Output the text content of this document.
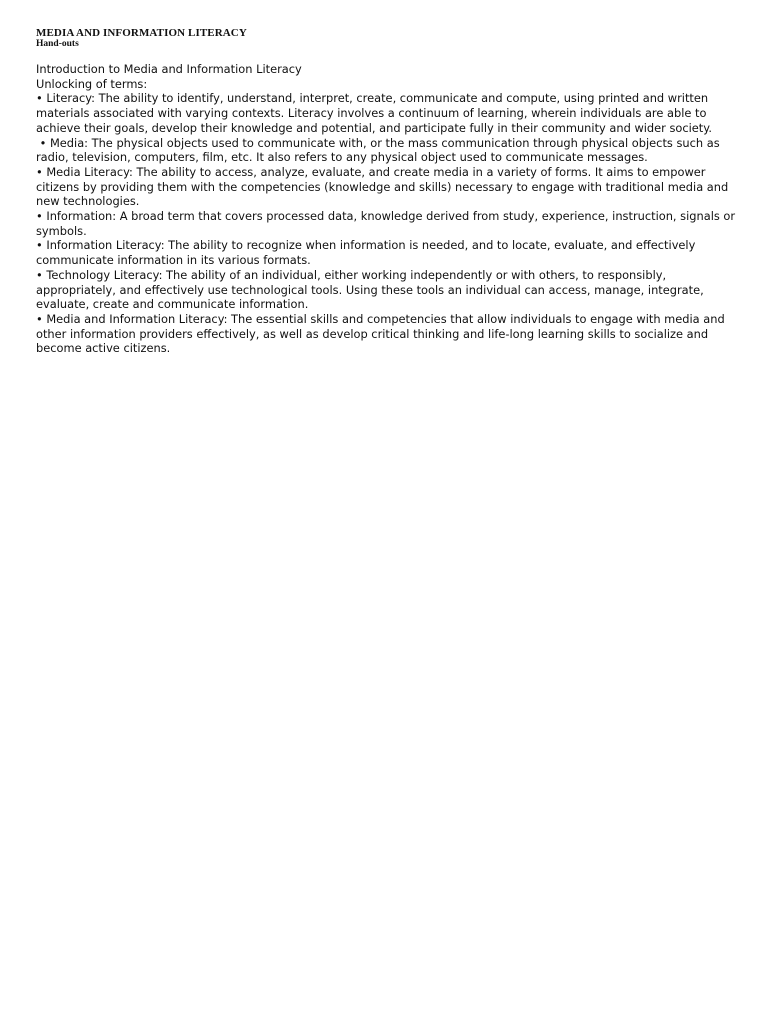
MEDIA AND INFORMATION LITERACY
Hand-outs

Introduction to Media and Information Literacy

Unlocking of terms:

• Literacy: The ability to identify, understand, interpret, create, communicate and compute, using printed and written materials associated with varying contexts. Literacy involves a continuum of learning, wherein individuals are able to achieve their goals, develop their knowledge and potential, and participate fully in their community and wider society.

• Media: The physical objects used to communicate with, or the mass communication through physical objects such as radio, television, computers, film, etc. It also refers to any physical object used to communicate messages.

• Media Literacy: The ability to access, analyze, evaluate, and create media in a variety of forms. It aims to empower citizens by providing them with the competencies (knowledge and skills) necessary to engage with traditional media and new technologies.

• Information: A broad term that covers processed data, knowledge derived from study, experience, instruction, signals or symbols.

• Information Literacy: The ability to recognize when information is needed, and to locate, evaluate, and effectively communicate information in its various formats.

• Technology Literacy: The ability of an individual, either working independently or with others, to responsibly, appropriately, and effectively use technological tools. Using these tools an individual can access, manage, integrate, evaluate, create and communicate information.

• Media and Information Literacy: The essential skills and competencies that allow individuals to engage with media and other information providers effectively, as well as develop critical thinking and life-long learning skills to socialize and become active citizens.
